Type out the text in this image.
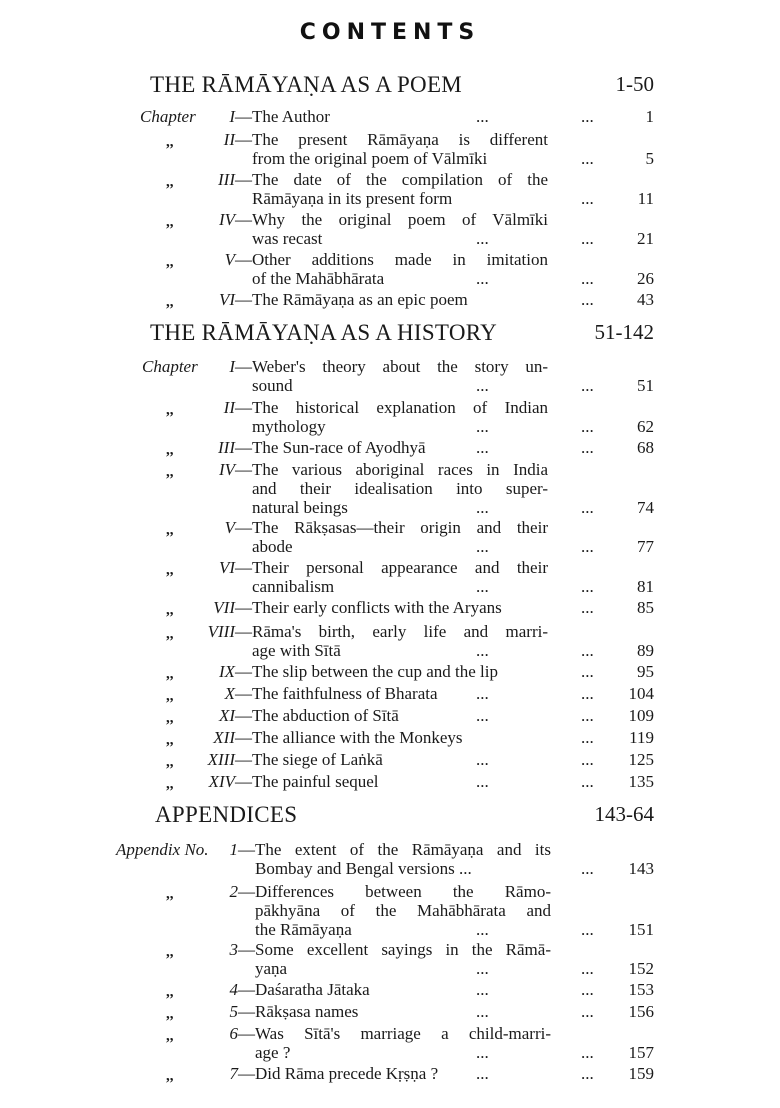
CONTENTS
THE RĀMĀYAṆA AS A POEM	1-50
Chapter I — The Author	...	...	1
,,	II — The present Rāmāyaṇa is different
from the original poem of Vālmīki	...	5
,,	III — The date of the compilation of the
Rāmāyaṇa in its present form	...	11
,,	IV — Why the original poem of Vālmīki
was recast	...	...	21
,,	V — Other additions made in imitation
of the Mahābhārata	...	...	26
,,	VI — The Rāmāyaṇa as an epic poem	...	43
THE RĀMĀYAṆA AS A HISTORY	51-142
Chapter I — Weber's theory about the story un-
sound	...	...	51
,,	II — The historical explanation of Indian
mythology	...	...	62
,,	III — The Sun-race of Ayodhyā	...	...	68
,,	IV — The various aboriginal races in India
and their idealisation into super-
natural beings	...	...	74
,,	V — The Rākṣasas—their origin and their
abode	...	...	77
,,	VI — Their personal appearance and their
cannibalism	...	...	81
,, VII — Their early conflicts with the Aryans	...	85
,, VIII — Rāma's birth, early life and marri-
age with Sītā	...	...	89
,,	IX — The slip between the cup and the lip	...	95
,,	X — The faithfulness of Bharata ...	... 104
,,	XI — The abduction of Sītā	...	... 109
,, XII — The alliance with the Monkeys	... 119
,, XIII — The siege of Laṅkā	...	... 125
,, XIV — The painful sequel	...	... 135
APPENDICES	143-64
Appendix No. 1 — The extent of the Rāmāyaṇa and its
Bombay and Bengal versions ...	... 143
,,	2 — Differences between the Rāmo-
pākhyāna of the Mahābhārata and
the Rāmāyaṇa	...	... 151
,,	3 — Some excellent sayings in the Rāmā-
yaṇa	...	... 152
,,	4 — Daśaratha Jātaka	...	... 153
,,	5 — Rākṣasa names	...	... 156
,,	6 — Was Sītā's marriage a child-marri-
age ?	...	... 157
,,	7 — Did Rāma precede Kṛṣṇa ? ...	... 159
